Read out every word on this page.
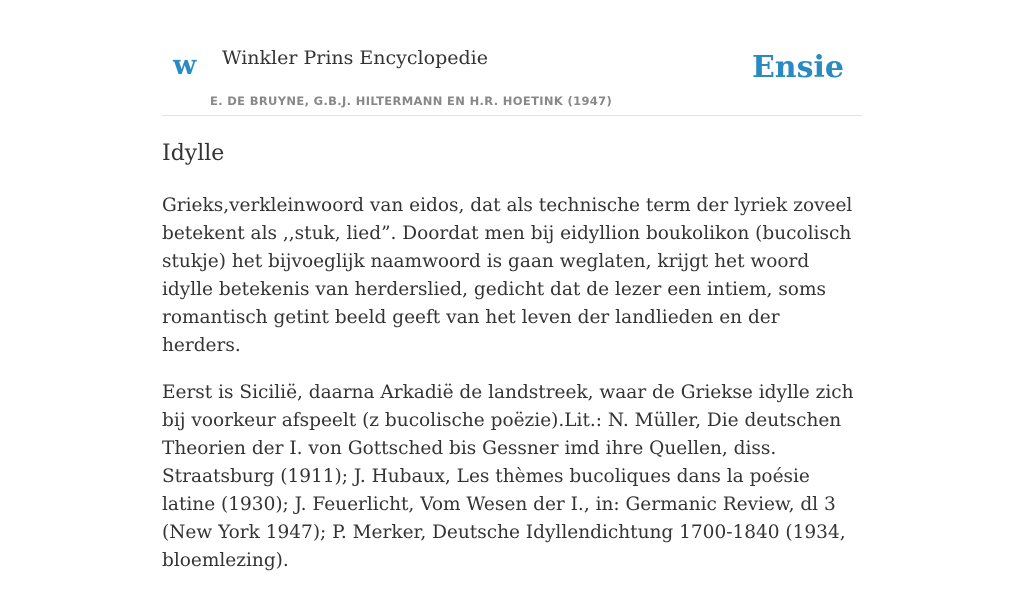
w Winkler Prins Encyclopedie
E. DE BRUYNE, G.B.J. HILTERMANN EN H.R. HOETINK (1947)
Ensie
Idylle

Grieks,verkleinwoord van eidos, dat als technische term der lyriek zoveel betekent als ,,stuk, lied”. Doordat men bij eidyllion boukolikon (bucolisch stukje) het bijvoeglijk naamwoord is gaan weglaten, krijgt het woord idylle betekenis van herderslied, gedicht dat de lezer een intiem, soms romantisch getint beeld geeft van het leven der landlieden en der herders.

Eerst is Sicilië, daarna Arkadië de landstreek, waar de Griekse idylle zich bij voorkeur afspeelt (z bucolische poëzie).Lit.: N. Müller, Die deutschen Theorien der I. von Gottsched bis Gessner imd ihre Quellen, diss. Straatsburg (1911); J. Hubaux, Les thèmes bucoliques dans la poésie latine (1930); J. Feuerlicht, Vom Wesen der I., in: Germanic Review, dl 3 (New York 1947); P. Merker, Deutsche Idyllendichtung 1700-1840 (1934, bloemlezing).
